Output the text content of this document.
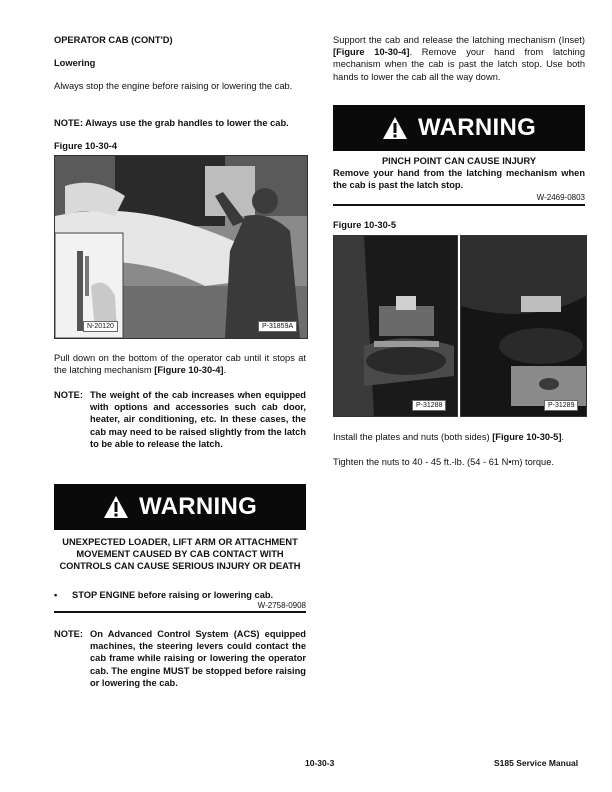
OPERATOR CAB (CONT'D)
Lowering

Always stop the engine before raising or lowering the cab.

NOTE: Always use the grab handles to lower the cab.
Figure 10-30-4
N-20120	P-31859A

Pull down on the bottom of the operator cab until it stops at the latching mechanism [Figure 10-30-4].

NOTE: The weight of the cab increases when equipped with options and accessories such cab door, heater, air conditioning, etc. In these cases, the cab may need to be raised slightly from the latch to be able to release the latch.
WARNING

UNEXPECTED LOADER, LIFT ARM OR ATTACHMENT MOVEMENT CAUSED BY CAB CONTACT WITH CONTROLS CAN CAUSE SERIOUS INJURY OR DEATH

•	STOP ENGINE before raising or lowering cab.
W-2758-0908
NOTE: On Advanced Control System (ACS) equipped machines, the steering levers could contact the cab frame while raising or lowering the operator cab. The engine MUST be stopped before raising or lowering the cab.

Support the cab and release the latching mechanism (Inset) [Figure 10-30-4]. Remove your hand from latching mechanism when the cab is past the latch stop. Use both hands to lower the cab all the way down.

WARNING
PINCH POINT CAN CAUSE INJURY

Remove your hand from the latching mechanism when the cab is past the latch stop.

W-2469-0803
Figure 10-30-5
P-31288	P-31289

Install the plates and nuts (both sides) [Figure 10-30-5].

Tighten the nuts to 40 - 45 ft.-lb. (54 - 61 N•m) torque.

10-30-3	S185 Service Manual
